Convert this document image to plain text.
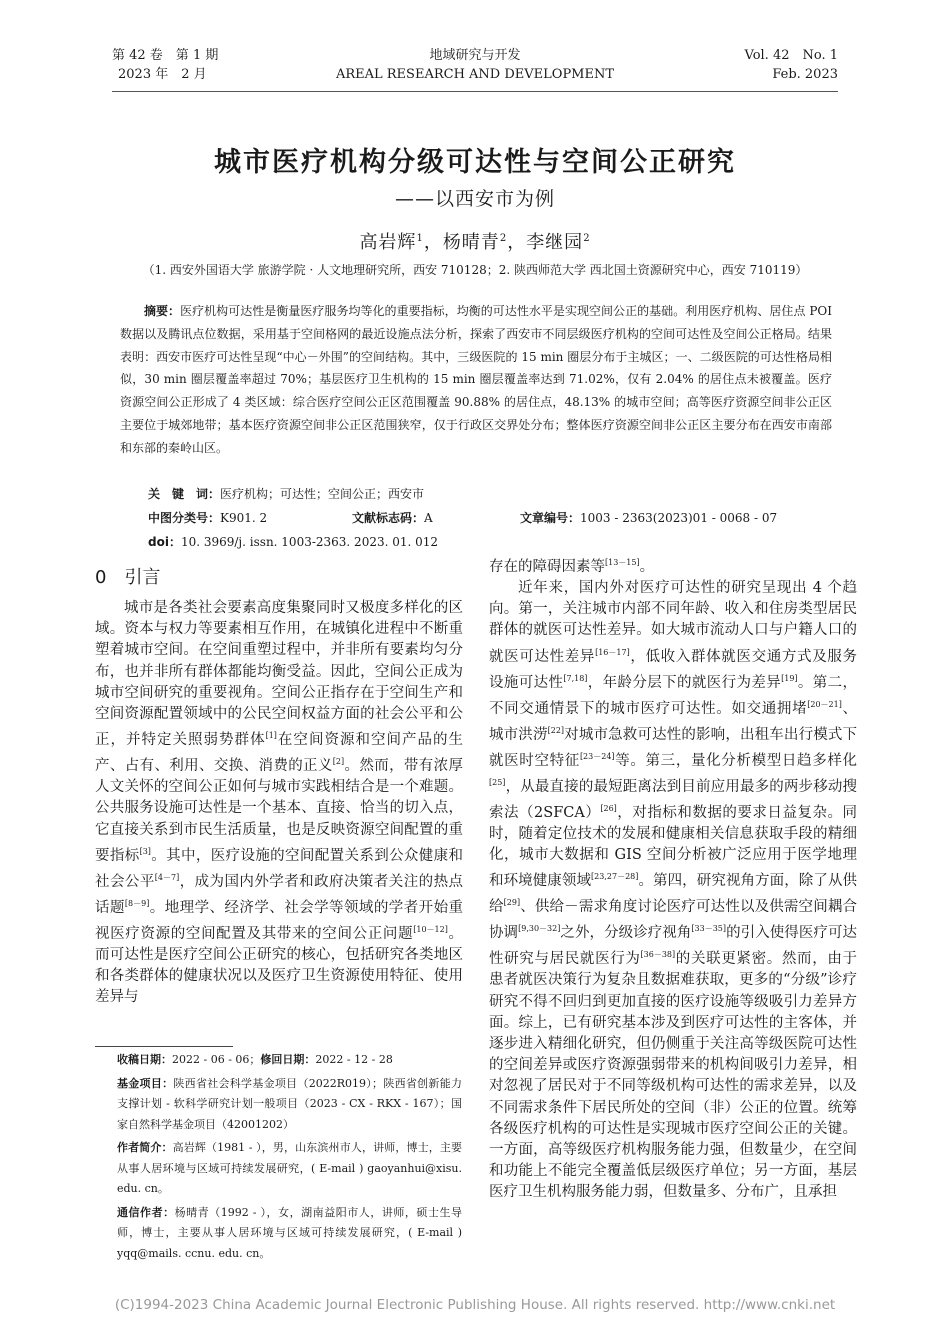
第 42 卷　第 1 期
2023 年　2 月
地域研究与开发
AREAL RESEARCH AND DEVELOPMENT
Vol. 42　No. 1
Feb. 2023
城市医疗机构分级可达性与空间公正研究
——以西安市为例
高岩辉$^1$，杨晴青$^2$，李继园$^2$
（1. 西安外国语大学 旅游学院 · 人文地理研究所，西安 710128；2. 陕西师范大学 西北国土资源研究中心，西安 710119）
摘要：医疗机构可达性是衡量医疗服务均等化的重要指标，均衡的可达性水平是实现空间公正的基础。利用医疗机构、居住点 POI 数据以及腾讯点位数据，采用基于空间格网的最近设施点法分析，探索了西安市不同层级医疗机构的空间可达性及空间公正格局。结果表明：西安市医疗可达性呈现“中心－外围”的空间结构。其中，三级医院的 15 min 圈层分布于主城区；一、二级医院的可达性格局相似，30 min 圈层覆盖率超过 70%；基层医疗卫生机构的 15 min 圈层覆盖率达到 71.02%，仅有 2.04% 的居住点未被覆盖。医疗资源空间公正形成了 4 类区域：综合医疗空间公正区范围覆盖 90.88% 的居住点，48.13% 的城市空间；高等医疗资源空间非公正区主要位于城郊地带；基本医疗资源空间非公正区范围狭窄，仅于行政区交界处分布；整体医疗资源空间非公正区主要分布在西安市南部和东部的秦岭山区。
关　键　词：医疗机构；可达性；空间公正；西安市
中图分类号：K901. 2	文献标志码：A	文章编号：1003 - 2363(2023)01 - 0068 - 07
doi：10. 3969/j. issn. 1003-2363. 2023. 01. 012
0　引言

城市是各类社会要素高度集聚同时又极度多样化的区域。资本与权力等要素相互作用，在城镇化进程中不断重塑着城市空间。在空间重塑过程中，并非所有要素均匀分布，也并非所有群体都能均衡受益。因此，空间公正成为城市空间研究的重要视角。空间公正指存在于空间生产和空间资源配置领域中的公民空间权益方面的社会公平和公正，并特定关照弱势群体[1]在空间资源和空间产品的生产、占有、利用、交换、消费的正义[2]。然而，带有浓厚人文关怀的空间公正如何与城市实践相结合是一个难题。公共服务设施可达性是一个基本、直接、恰当的切入点，它直接关系到市民生活质量，也是反映资源空间配置的重要指标[3]。其中，医疗设施的空间配置关系到公众健康和社会公平[4－7]，成为国内外学者和政府决策者关注的热点话题[8－9]。地理学、经济学、社会学等领域的学者开始重视医疗资源的空间配置及其带来的空间公正问题[10－12]。而可达性是医疗空间公正研究的核心，包括研究各类地区和各类群体的健康状况以及医疗卫生资源使用特征、使用差异与

收稿日期：2022 - 06 - 06；修回日期：2022 - 12 - 28

基金项目：陕西省社会科学基金项目（2022R019）；陕西省创新能力支撑计划 - 软科学研究计划一般项目（2023 - CX - RKX - 167）；国家自然科学基金项目（42001202）

作者简介：高岩辉（1981 - ），男，山东滨州市人，讲师，博士，主要从事人居环境与区域可持续发展研究，( E-mail ) gaoyanhui@xisu. edu. cn。

通信作者：杨晴青（1992 - ），女，湖南益阳市人，讲师，硕士生导师，博士，主要从事人居环境与区域可持续发展研究，( E-mail ) yqq@mails. ccnu. edu. cn。

存在的障碍因素等[13－15]。

近年来，国内外对医疗可达性的研究呈现出 4 个趋向。第一，关注城市内部不同年龄、收入和住房类型居民群体的就医可达性差异。如大城市流动人口与户籍人口的就医可达性差异[16－17]，低收入群体就医交通方式及服务设施可达性[7,18]，年龄分层下的就医行为差异[19]。第二，不同交通情景下的城市医疗可达性。如交通拥堵[20－21]、城市洪涝[22]对城市急救可达性的影响，出租车出行模式下就医时空特征[23－24]等。第三，量化分析模型日趋多样化[25]，从最直接的最短距离法到目前应用最多的两步移动搜索法（2SFCA）[26]，对指标和数据的要求日益复杂。同时，随着定位技术的发展和健康相关信息获取手段的精细化，城市大数据和 GIS 空间分析被广泛应用于医学地理和环境健康领域[23,27－28]。第四，研究视角方面，除了从供给[29]、供给－需求角度讨论医疗可达性以及供需空间耦合协调[9,30－32]之外，分级诊疗视角[33－35]的引入使得医疗可达性研究与居民就医行为[36－38]的关联更紧密。然而，由于患者就医决策行为复杂且数据难获取，更多的“分级”诊疗研究不得不回归到更加直接的医疗设施等级吸引力差异方面。综上，已有研究基本涉及到医疗可达性的主客体，并逐步进入精细化研究，但仍侧重于关注高等级医院可达性的空间差异或医疗资源强弱带来的机构间吸引力差异，相对忽视了居民对于不同等级机构可达性的需求差异，以及不同需求条件下居民所处的空间（非）公正的位置。统筹各级医疗机构的可达性是实现城市医疗空间公正的关键。一方面，高等级医疗机构服务能力强，但数量少，在空间和功能上不能完全覆盖低层级医疗单位；另一方面，基层医疗卫生机构服务能力弱，但数量多、分布广，且承担

(C)1994-2023 China Academic Journal Electronic Publishing House. All rights reserved. http://www.cnki.net
